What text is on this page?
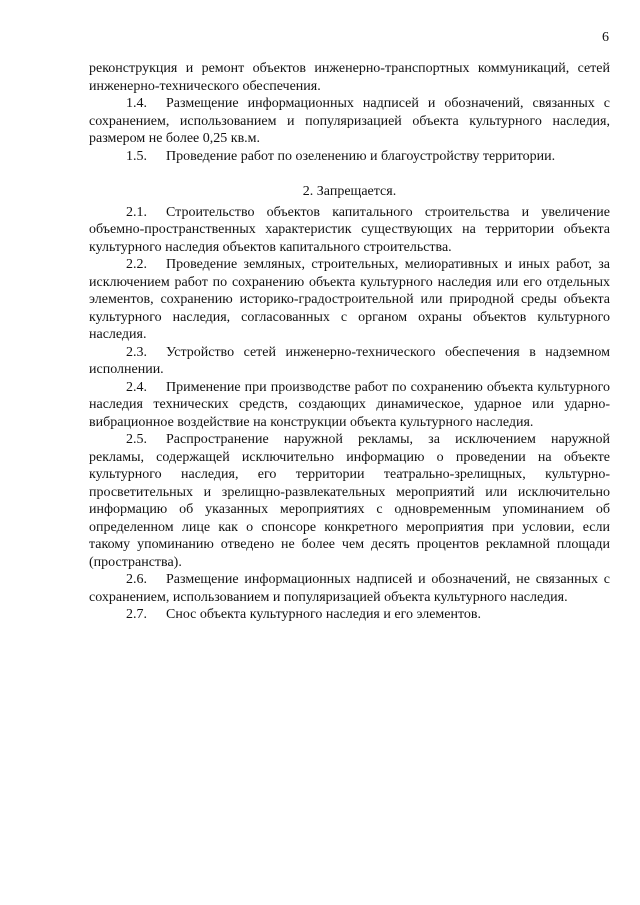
6

реконструкция и ремонт объектов инженерно-транспортных коммуникаций, сетей инженерно-технического обеспечения.

1.4. Размещение информационных надписей и обозначений, связанных с сохранением, использованием и популяризацией объекта культурного наследия, размером не более 0,25 кв.м.

1.5. Проведение работ по озеленению и благоустройству территории.

2. Запрещается.

2.1. Строительство объектов капитального строительства и увеличение объемно-пространственных характеристик существующих на территории объекта культурного наследия объектов капитального строительства.

2.2. Проведение земляных, строительных, мелиоративных и иных работ, за исключением работ по сохранению объекта культурного наследия или его отдельных элементов, сохранению историко-градостроительной или природной среды объекта культурного наследия, согласованных с органом охраны объектов культурного наследия.

2.3. Устройство сетей инженерно-технического обеспечения в надземном исполнении.

2.4. Применение при производстве работ по сохранению объекта культурного наследия технических средств, создающих динамическое, ударное или ударно-вибрационное воздействие на конструкции объекта культурного наследия.

2.5. Распространение наружной рекламы, за исключением наружной рекламы, содержащей исключительно информацию о проведении на объекте культурного наследия, его территории театрально-зрелищных, культурно-просветительных и зрелищно-развлекательных мероприятий или исключительно информацию об указанных мероприятиях с одновременным упоминанием об определенном лице как о спонсоре конкретного мероприятия при условии, если такому упоминанию отведено не более чем десять процентов рекламной площади (пространства).

2.6. Размещение информационных надписей и обозначений, не связанных с сохранением, использованием и популяризацией объекта культурного наследия.

2.7. Снос объекта культурного наследия и его элементов.
